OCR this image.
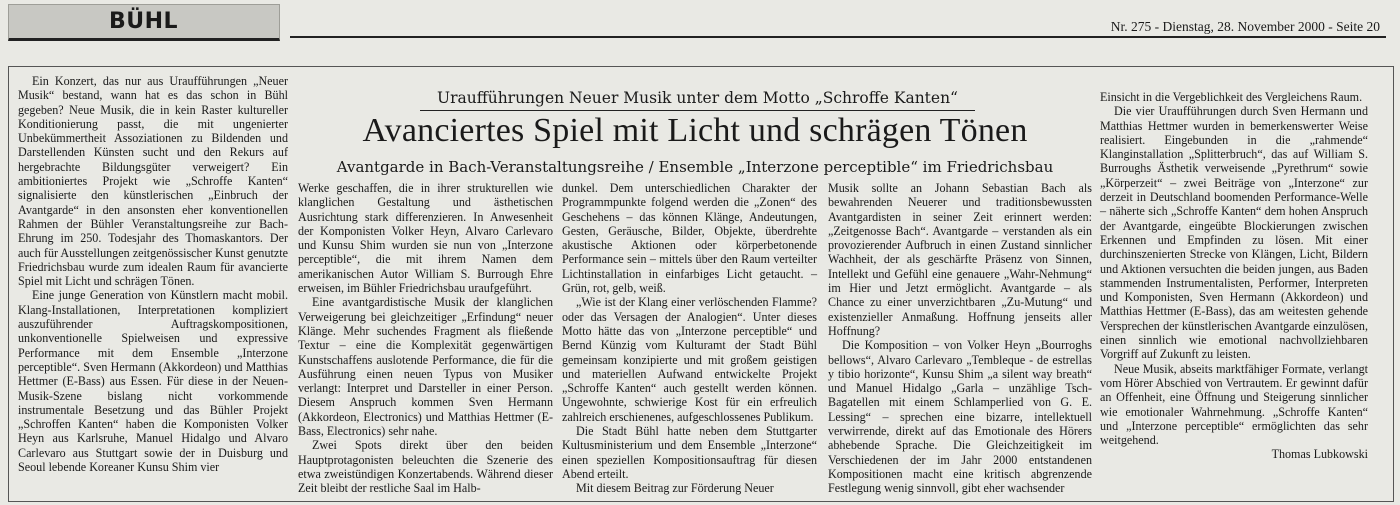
BÜHL	Nr. 275 - Dienstag, 28. November 2000 - Seite 20
Uraufführungen Neuer Musik unter dem Motto „Schroffe Kanten“
Avanciertes Spiel mit Licht und schrägen Tönen
Avantgarde in Bach-Veranstaltungsreihe / Ensemble „Interzone perceptible“ im Friedrichsbau

Ein Konzert, das nur aus Uraufführungen „Neuer Musik“ bestand, wann hat es das schon in Bühl gegeben? Neue Musik, die in kein Raster kultureller Konditionierung passt, die mit ungenierter Unbekümmertheit Assoziationen zu Bildenden und Darstellenden Künsten sucht und den Rekurs auf hergebrachte Bildungsgüter verweigert? Ein ambitioniertes Projekt wie „Schroffe Kanten“ signalisierte den künstlerischen „Einbruch der Avantgarde“ in den ansonsten eher konventionellen Rahmen der Bühler Veranstaltungsreihe zur Bach-Ehrung im 250. Todesjahr des Thomaskantors. Der auch für Ausstellungen zeitgenössischer Kunst genutzte Friedrichsbau wurde zum idealen Raum für avancierte Spiel mit Licht und schrägen Tönen.

Eine junge Generation von Künstlern macht mobil. Klang-Installationen, Interpretationen kompliziert auszuführender Auftragskompositionen, unkonventionelle Spielweisen und expressive Performance mit dem Ensemble „Interzone perceptible“. Sven Hermann (Akkordeon) und Matthias Hettmer (E-Bass) aus Essen. Für diese in der Neuen-Musik-Szene bislang nicht vorkommende instrumentale Besetzung und das Bühler Projekt „Schroffen Kanten“ haben die Komponisten Volker Heyn aus Karlsruhe, Manuel Hidalgo und Alvaro Carlevaro aus Stuttgart sowie der in Duisburg und Seoul lebende Koreaner Kunsu Shim vier

Werke geschaffen, die in ihrer strukturellen wie klanglichen Gestaltung und ästhetischen Ausrichtung stark differenzieren. In Anwesenheit der Komponisten Volker Heyn, Alvaro Carlevaro und Kunsu Shim wurden sie nun von „Interzone perceptible“, die mit ihrem Namen dem amerikanischen Autor William S. Burrough Ehre erweisen, im Bühler Friedrichsbau uraufgeführt.

Eine avantgardistische Musik der klanglichen Verweigerung bei gleichzeitiger „Erfindung“ neuer Klänge. Mehr suchendes Fragment als fließende Textur – eine die Komplexität gegenwärtigen Kunstschaffens auslotende Performance, die für die Ausführung einen neuen Typus von Musiker verlangt: Interpret und Darsteller in einer Person. Diesem Anspruch kommen Sven Hermann (Akkordeon, Electronics) und Matthias Hettmer (E-Bass, Electronics) sehr nahe.

Zwei Spots direkt über den beiden Hauptprotagonisten beleuchten die Szenerie des etwa zweistündigen Konzertabends. Während dieser Zeit bleibt der restliche Saal im Halb-

dunkel. Dem unterschiedlichen Charakter der Programmpunkte folgend werden die „Zonen“ des Geschehens – das können Klänge, Andeutungen, Gesten, Geräusche, Bilder, Objekte, überdrehte akustische Aktionen oder körperbetonende Performance sein – mittels über den Raum verteilter Lichtinstallation in einfarbiges Licht getaucht. – Grün, rot, gelb, weiß.

„Wie ist der Klang einer verlöschenden Flamme? oder das Versagen der Analogien“. Unter dieses Motto hätte das von „Interzone perceptible“ und Bernd Künzig vom Kulturamt der Stadt Bühl gemeinsam konzipierte und mit großem geistigen und materiellen Aufwand entwickelte Projekt „Schroffe Kanten“ auch gestellt werden können. Ungewohnte, schwierige Kost für ein erfreulich zahlreich erschienenes, aufgeschlossenes Publikum.

Die Stadt Bühl hatte neben dem Stuttgarter Kultusministerium und dem Ensemble „Interzone“ einen speziellen Kompositionsauftrag für diesen Abend erteilt.

Mit diesem Beitrag zur Förderung Neuer

Musik sollte an Johann Sebastian Bach als bewahrenden Neuerer und traditionsbewussten Avantgardisten in seiner Zeit erinnert werden: „Zeitgenosse Bach“. Avantgarde – verstanden als ein provozierender Aufbruch in einen Zustand sinnlicher Wachheit, der als geschärfte Präsenz von Sinnen, Intellekt und Gefühl eine genauere „Wahr-Nehmung“ im Hier und Jetzt ermöglicht. Avantgarde – als Chance zu einer unverzichtbaren „Zu-Mutung“ und existenzieller Anmaßung. Hoffnung jenseits aller Hoffnung?

Die Komposition – von Volker Heyn „Bourroghs bellows“, Alvaro Carlevaro „Tembleque - de estrellas y tibio horizonte“, Kunsu Shim „a silent way breath“ und Manuel Hidalgo „Garla – unzählige Tsch-Bagatellen mit einem Schlamperlied von G. E. Lessing“ – sprechen eine bizarre, intellektuell verwirrende, direkt auf das Emotionale des Hörers abhebende Sprache. Die Gleichzeitigkeit im Verschiedenen der im Jahr 2000 entstandenen Kompositionen macht eine kritisch abgrenzende Festlegung wenig sinnvoll, gibt eher wachsender

Einsicht in die Vergeblichkeit des Vergleichens Raum.

Die vier Uraufführungen durch Sven Hermann und Matthias Hettmer wurden in bemerkenswerter Weise realisiert. Eingebunden in die „rahmende“ Klanginstallation „Splitterbruch“, das auf William S. Burroughs Ästhetik verweisende „Pyrethrum“ sowie „Körperzeit“ – zwei Beiträge von „Interzone“ zur derzeit in Deutschland boomenden Performance-Welle – näherte sich „Schroffe Kanten“ dem hohen Anspruch der Avantgarde, eingeübte Blockierungen zwischen Erkennen und Empfinden zu lösen. Mit einer durchinszenierten Strecke von Klängen, Licht, Bildern und Aktionen versuchten die beiden jungen, aus Baden stammenden Instrumentalisten, Performer, Interpreten und Komponisten, Sven Hermann (Akkordeon) und Matthias Hettmer (E-Bass), das am weitesten gehende Versprechen der künstlerischen Avantgarde einzulösen, einen sinnlich wie emotional nachvollziehbaren Vorgriff auf Zukunft zu leisten.

Neue Musik, abseits marktfähiger Formate, verlangt vom Hörer Abschied von Vertrautem. Er gewinnt dafür an Offenheit, eine Öffnung und Steigerung sinnlicher wie emotionaler Wahrnehmung. „Schroffe Kanten“ und „Interzone perceptible“ ermöglichten das sehr weitgehend.

Thomas Lubkowski
